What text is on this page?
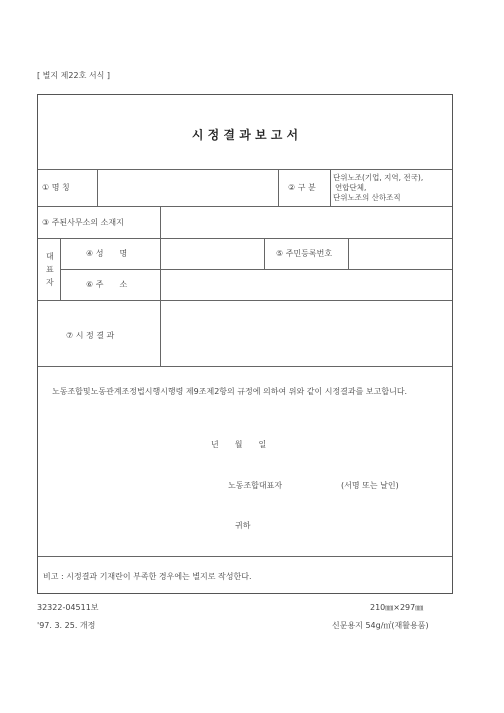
[ 별지 제22호 서식 ]
시 정 결 과 보 고 서
① 명 칭	② 구 분
단위노조(기업, 지역, 전국),
연합단체,
단위노조의 산하조직
③ 주된사무소의 소재지
대
표
자
④ 성　　명	⑤ 주민등록번호
⑥ 주　　소
⑦ 시 정 결 과
노동조합및노동관계조정법시행시행령 제9조제2항의 규정에 의하여 위와 같이 시정결과를 보고합니다.
년　　월　　일
노동조합대표자	(서명 또는 날인)
귀하
비고 : 시정결과 기재란이 부족한 경우에는 별지로 작성한다.
32322-04511보	210㎜×297㎜
'97. 3. 25. 개정	신문용지 54g/㎡(재활용품)
